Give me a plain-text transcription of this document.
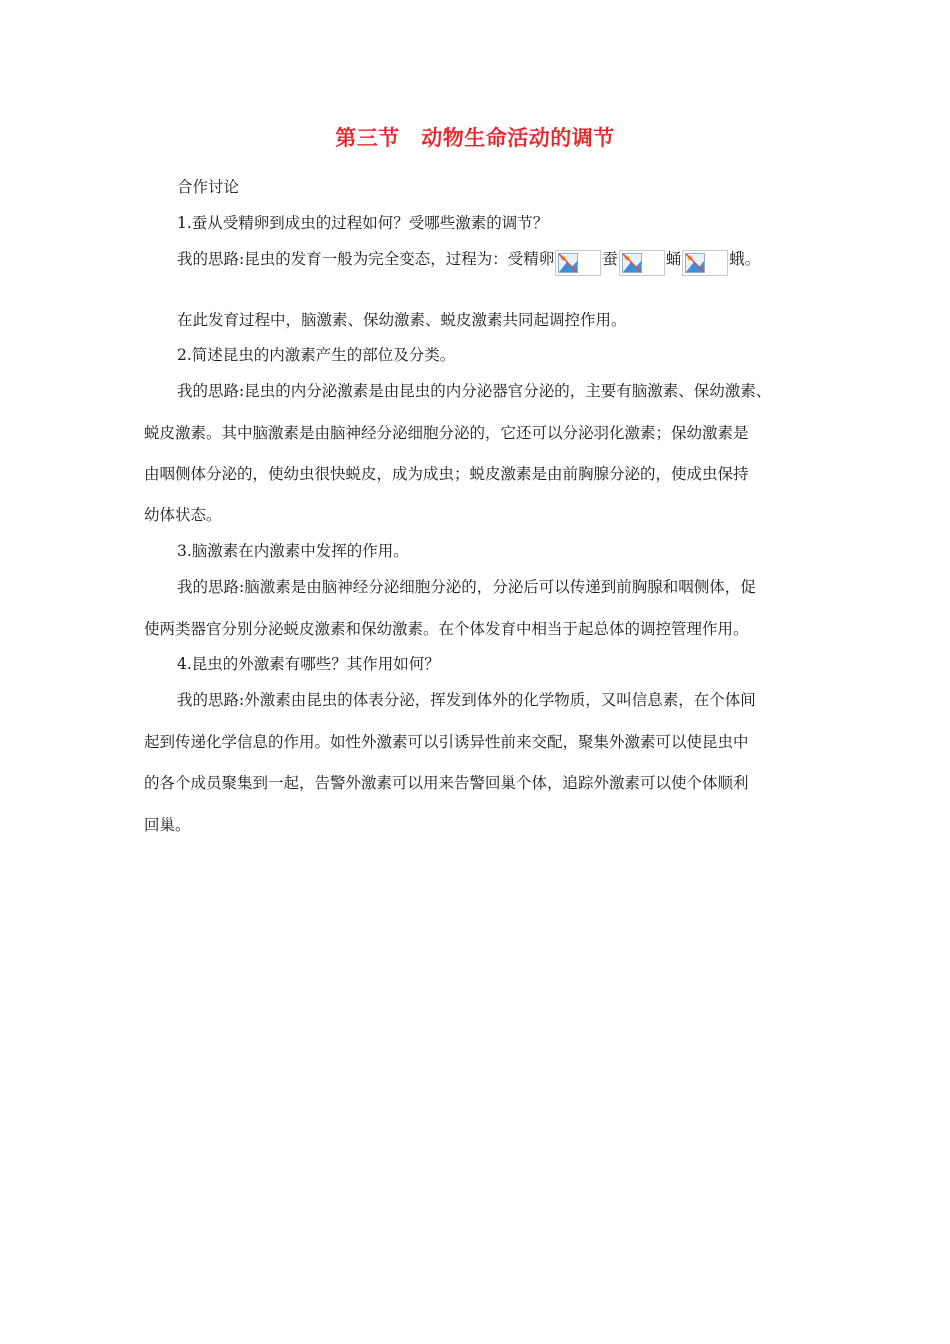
第三节　动物生命活动的调节
合作讨论
1.蚕从受精卵到成虫的过程如何？受哪些激素的调节？
我的思路:昆虫的发育一般为完全变态，过程为：受精卵	蚕	蛹	蛾。
在此发育过程中，脑激素、保幼激素、蜕皮激素共同起调控作用。
2.简述昆虫的内激素产生的部位及分类。
我的思路:昆虫的内分泌激素是由昆虫的内分泌器官分泌的，主要有脑激素、保幼激素、
蜕皮激素。其中脑激素是由脑神经分泌细胞分泌的，它还可以分泌羽化激素；保幼激素是
由咽侧体分泌的，使幼虫很快蜕皮，成为成虫；蜕皮激素是由前胸腺分泌的，使成虫保持
幼体状态。
3.脑激素在内激素中发挥的作用。
我的思路:脑激素是由脑神经分泌细胞分泌的，分泌后可以传递到前胸腺和咽侧体，促
使两类器官分别分泌蜕皮激素和保幼激素。在个体发育中相当于起总体的调控管理作用。
4.昆虫的外激素有哪些？其作用如何？
我的思路:外激素由昆虫的体表分泌，挥发到体外的化学物质，又叫信息素，在个体间
起到传递化学信息的作用。如性外激素可以引诱异性前来交配，聚集外激素可以使昆虫中
的各个成员聚集到一起，告警外激素可以用来告警回巢个体，追踪外激素可以使个体顺利
回巢。
